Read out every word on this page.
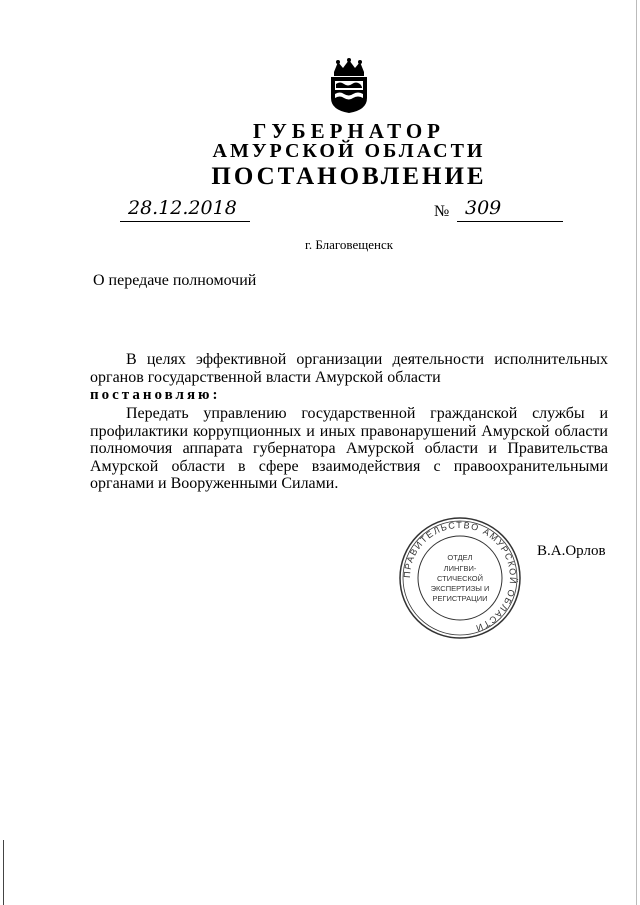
ГУБЕРНАТОР
АМУРСКОЙ ОБЛАСТИ
ПОСТАНОВЛЕНИЕ
28.12.2018	№ 309
г. Благовещенск
О передаче полномочий
В целях эффективной организации деятельности исполнительных органов государственной власти Амурской области
постановляю:
Передать управлению государственной гражданской службы и профилактики коррупционных и иных правонарушений Амурской области полномочия аппарата губернатора Амурской области и Правительства Амурской области в сфере взаимодействия с правоохранительными органами и Вооруженными Силами.
ПРАВИТЕЛЬСТВО АМУРСКОЙ ОБЛАСТИ
ОТДЕЛ
ЛИНГВИ-
СТИЧЕСКОЙ
ЭКСПЕРТИЗЫ И
РЕГИСТРАЦИИ
В.А.Орлов
